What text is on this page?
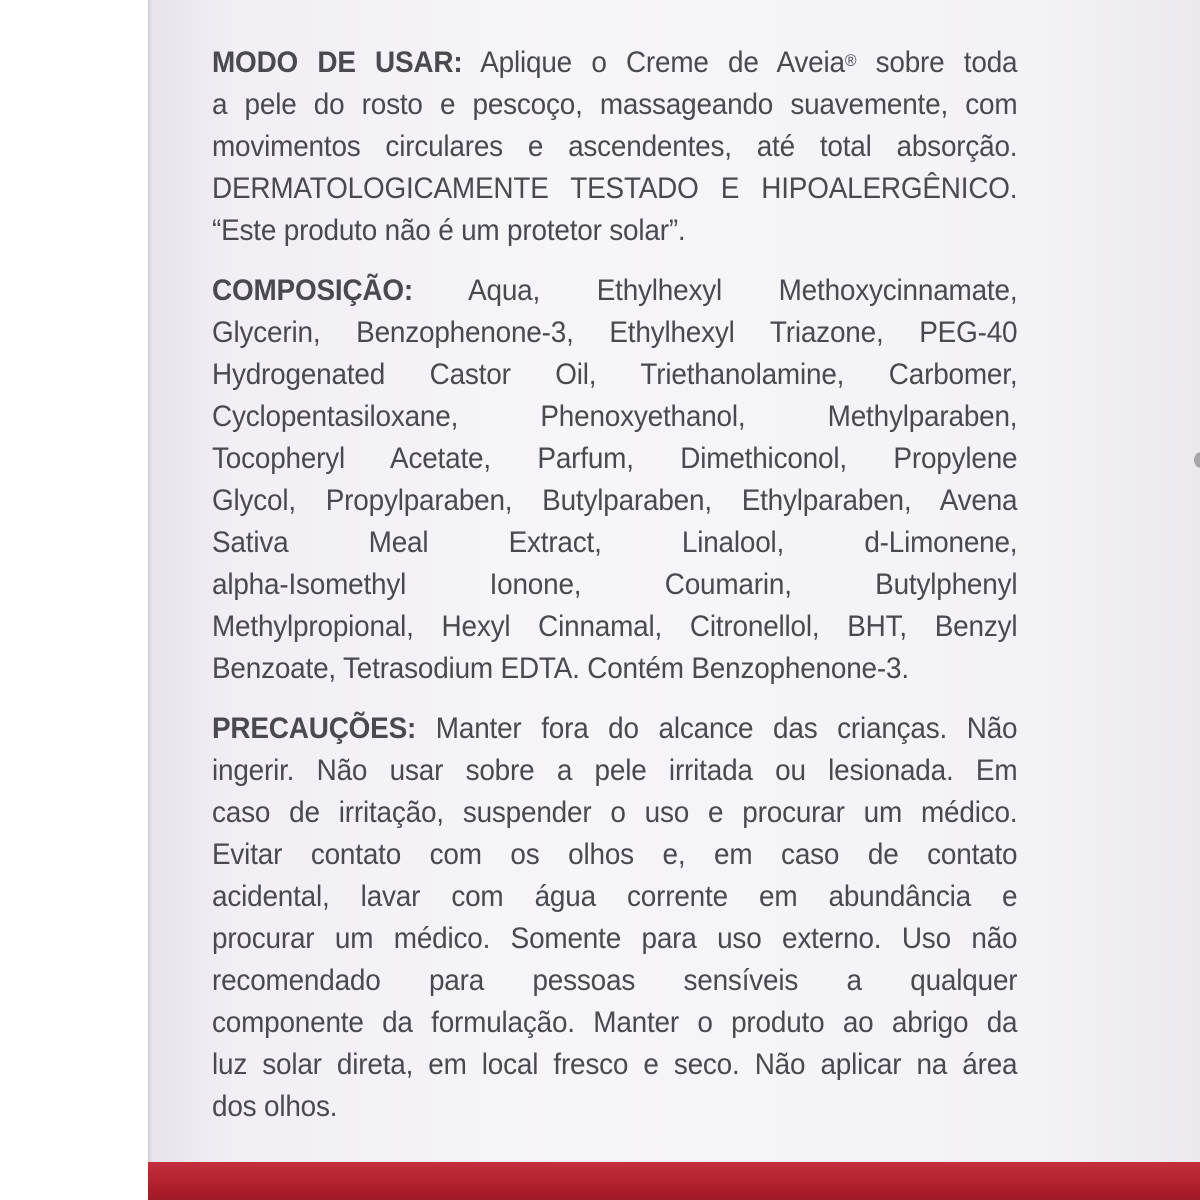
MODO DE USAR: Aplique o Creme de Aveia® sobre toda
a pele do rosto e pescoço, massageando suavemente, com
movimentos circulares e ascendentes, até total absorção.
DERMATOLOGICAMENTE TESTADO E HIPOALERGÊNICO.
“Este produto não é um protetor solar”.
COMPOSIÇÃO: Aqua, Ethylhexyl Methoxycinnamate,
Glycerin, Benzophenone-3, Ethylhexyl Triazone, PEG-40
Hydrogenated Castor Oil, Triethanolamine, Carbomer,
Cyclopentasiloxane, Phenoxyethanol, Methylparaben,
Tocopheryl Acetate, Parfum, Dimethiconol, Propylene
Glycol, Propylparaben, Butylparaben, Ethylparaben, Avena
Sativa Meal Extract, Linalool, d-Limonene,
alpha-Isomethyl Ionone, Coumarin, Butylphenyl
Methylpropional, Hexyl Cinnamal, Citronellol, BHT, Benzyl
Benzoate, Tetrasodium EDTA. Contém Benzophenone-3.
PRECAUÇÕES: Manter fora do alcance das crianças. Não
ingerir. Não usar sobre a pele irritada ou lesionada. Em
caso de irritação, suspender o uso e procurar um médico.
Evitar contato com os olhos e, em caso de contato
acidental, lavar com água corrente em abundância e
procurar um médico. Somente para uso externo. Uso não
recomendado para pessoas sensíveis a qualquer
componente da formulação. Manter o produto ao abrigo da
luz solar direta, em local fresco e seco. Não aplicar na área
dos olhos.
